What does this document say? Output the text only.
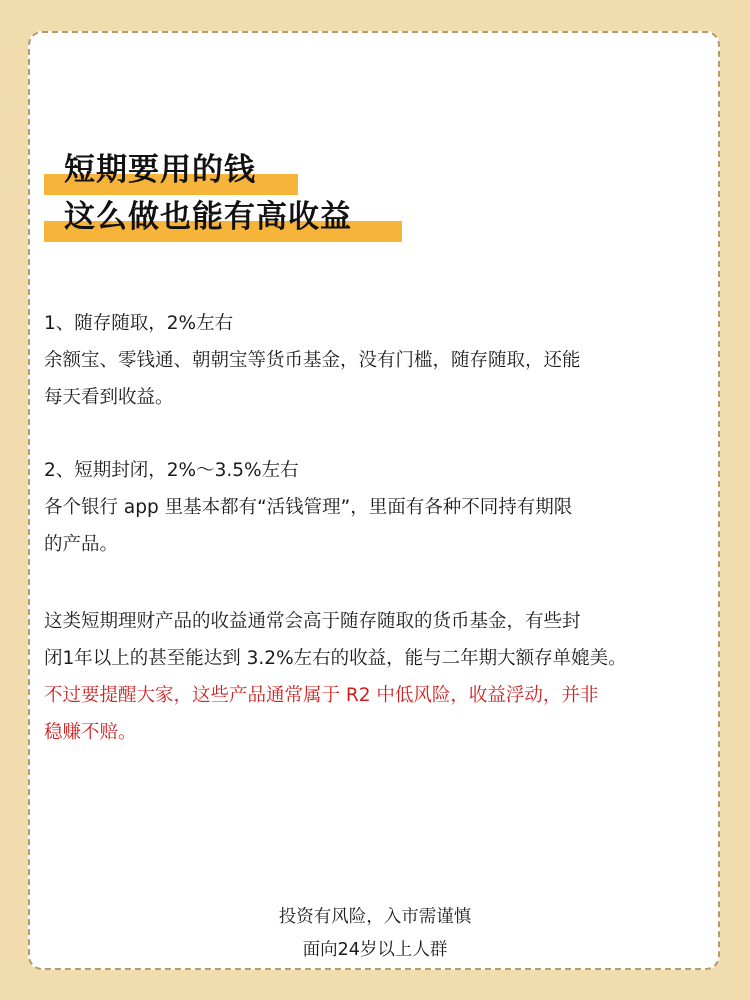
短期要用的钱
这么做也能有高收益
1、随存随取，2%左右
余额宝、零钱通、朝朝宝等货币基金，没有门槛，随存随取，还能
每天看到收益。
2、短期封闭，2%～3.5%左右
各个银行 app 里基本都有“活钱管理”，里面有各种不同持有期限
的产品。
这类短期理财产品的收益通常会高于随存随取的货币基金，有些封
闭1年以上的甚至能达到 3.2%左右的收益，能与二年期大额存单媲美。
不过要提醒大家，这些产品通常属于 R2 中低风险，收益浮动，并非
稳赚不赔。
投资有风险，入市需谨慎
面向24岁以上人群
